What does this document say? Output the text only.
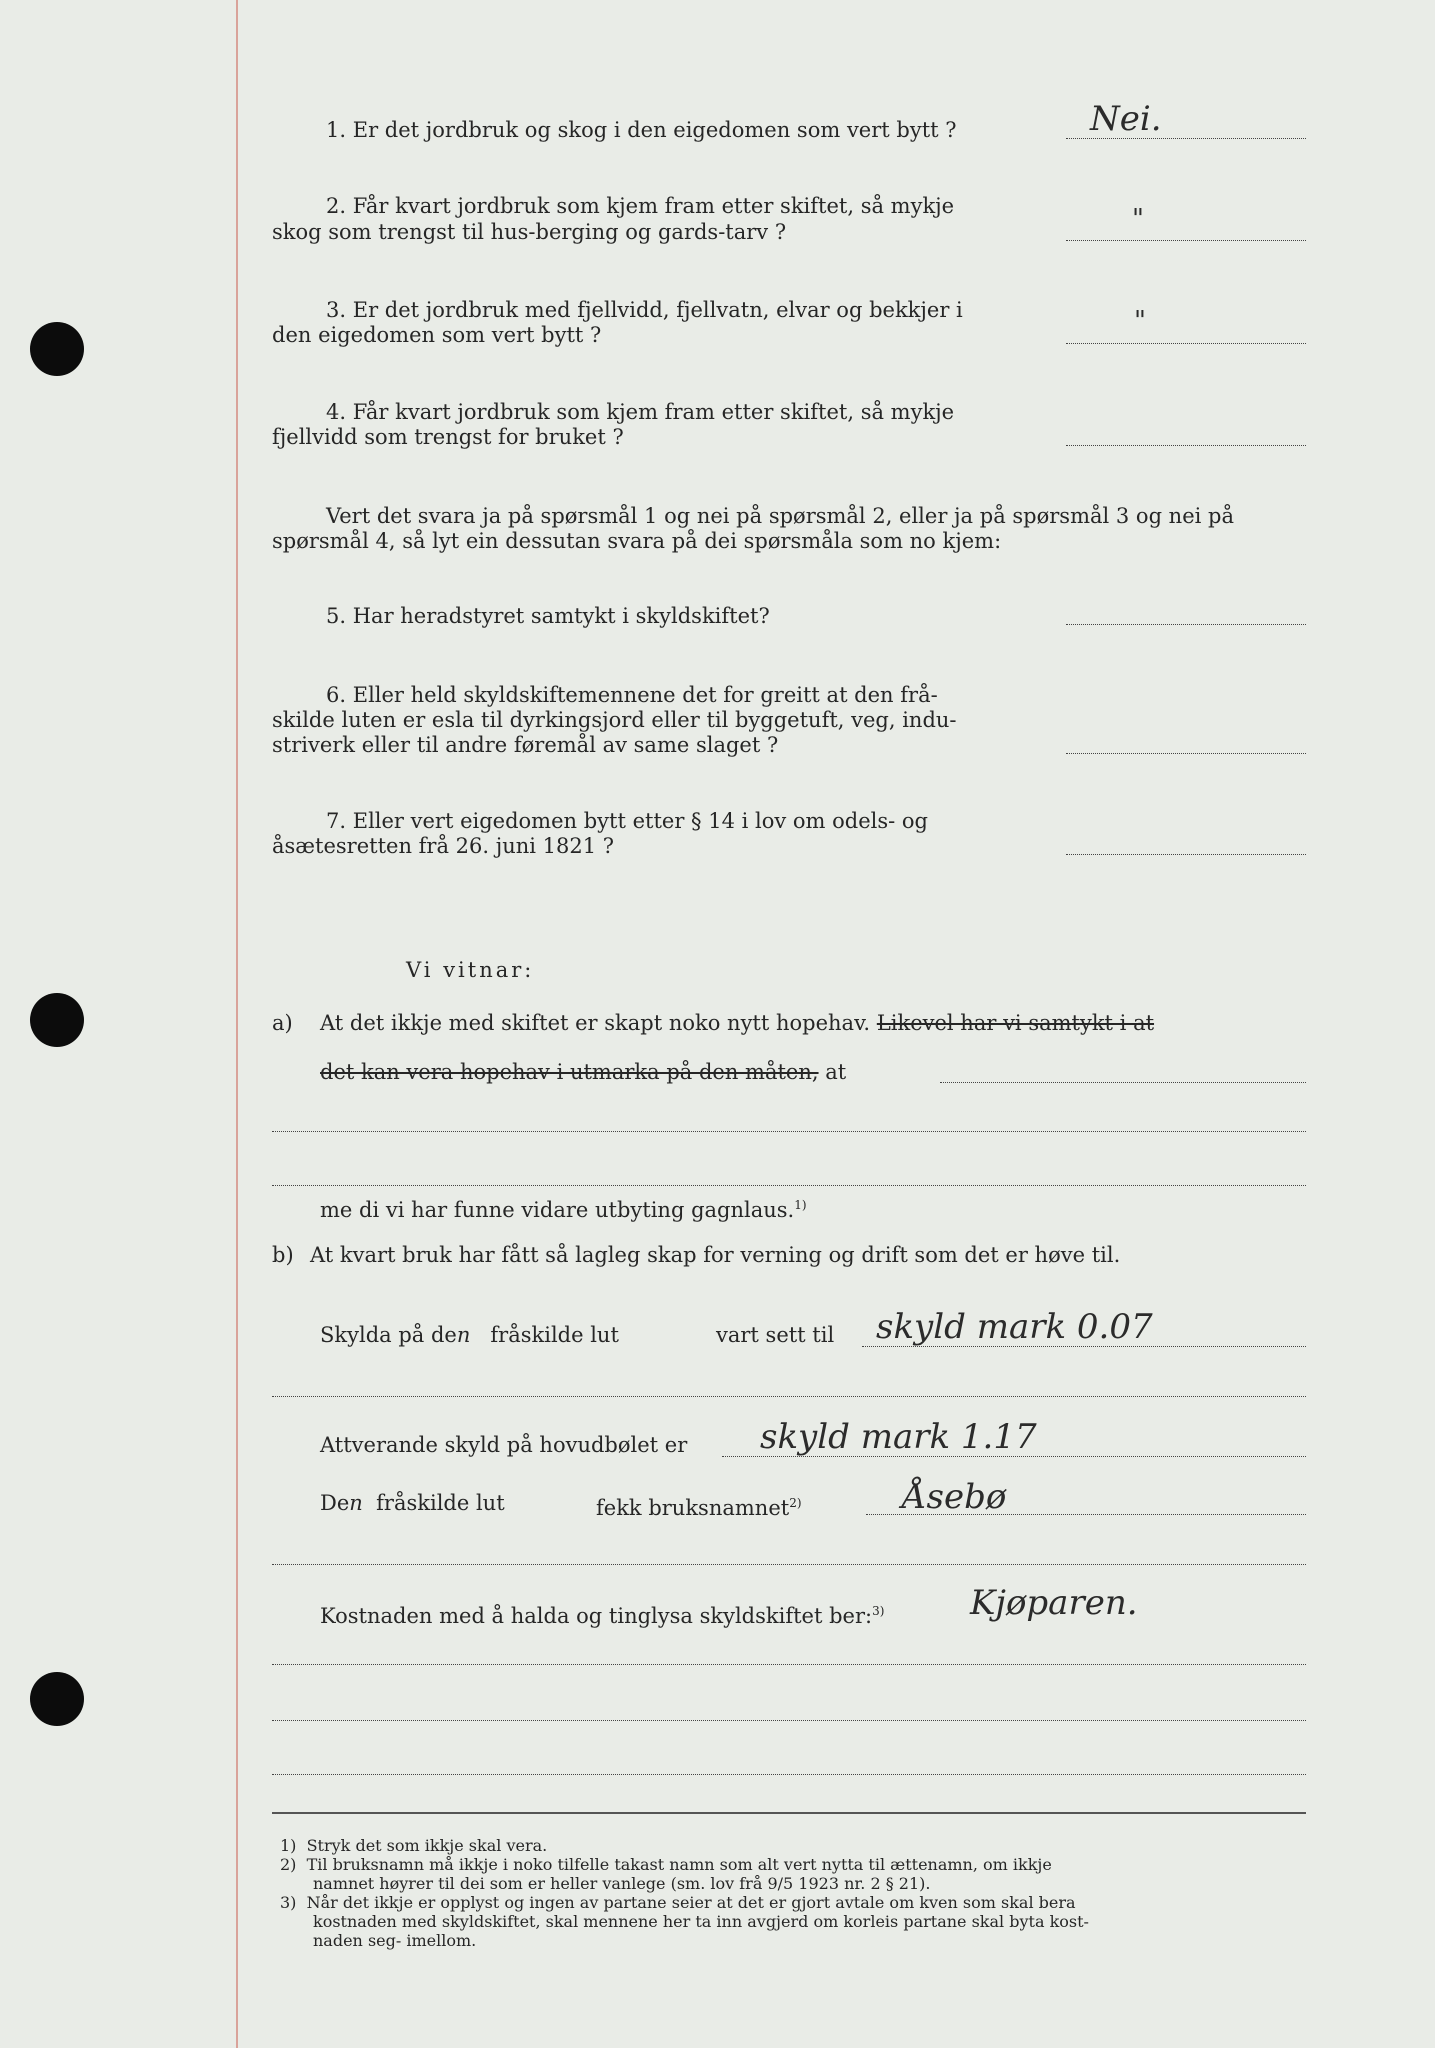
1. Er det jordbruk og skog i den eigedomen som vert bytt ?	Nei.

2. Får kvart jordbruk som kjem fram etter skiftet, så mykje

skog som trengst til hus-berging og gards-tarv ?	"

3. Er det jordbruk med fjellvidd, fjellvatn, elvar og bekkjer i

den eigedomen som vert bytt ?	"

4. Får kvart jordbruk som kjem fram etter skiftet, så mykje

fjellvidd som trengst for bruket ?

Vert det svara ja på spørsmål 1 og nei på spørsmål 2, eller ja på spørsmål 3 og nei på

spørsmål 4, så lyt ein dessutan svara på dei spørsmåla som no kjem:

5. Har heradstyret samtykt i skyldskiftet?

6. Eller held skyldskiftemennene det for greitt at den frå-

skilde luten er esla til dyrkingsjord eller til byggetuft, veg, indu-

striverk eller til andre føremål av same slaget ?

7. Eller vert eigedomen bytt etter § 14 i lov om odels- og

åsætesretten frå 26. juni 1821 ?

Vi vitnar:

a) At det ikkje med skiftet er skapt noko nytt hopehav. Likevel har vi samtykt i at

det kan vera hopehav i utmarka på den måten, at

me di vi har funne vidare utbyting gagnlaus.$^{1)}$

b) At kvart bruk har fått så lagleg skap for verning og drift som det er høve til.

Skylda på den fråskilde lut	vart sett til skyld mark 0.07

Attverande skyld på hovudbølet er skyld mark 1.17

Den fråskilde lut	fekk bruksnamnet$^{2)}$	Åsebø

Kostnaden med å halda og tinglysa skyldskiftet ber:$^{3)}$	Kjøparen.
1) Stryk det som ikkje skal vera.
2) Til bruksnamn må ikkje i noko tilfelle takast namn som alt vert nytta til ættenamn, om ikkje
namnet høyrer til dei som er heller vanlege (sm. lov frå 9/5 1923 nr. 2 § 21).
3) Når det ikkje er opplyst og ingen av partane seier at det er gjort avtale om kven som skal bera
kostnaden med skyldskiftet, skal mennene her ta inn avgjerd om korleis partane skal byta kost-
naden seg- imellom.
